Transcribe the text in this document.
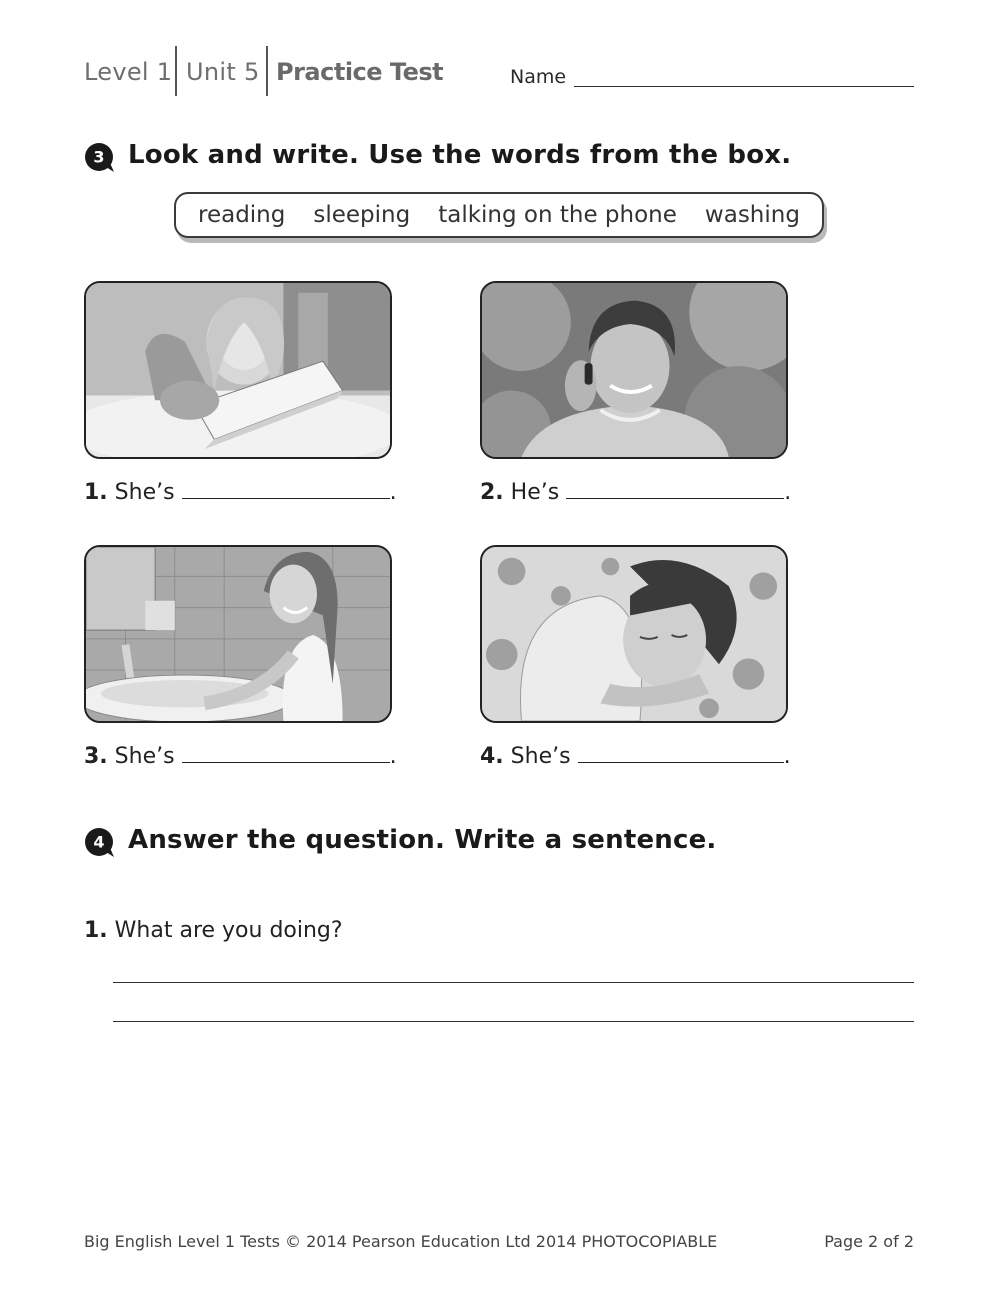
Level 1 Unit 5 Practice Test	Name
3 Look and write. Use the words from the box.
reading sleeping talking on the phone washing
1. She’s	.	2. He’s	.
3. She’s	.	4. She’s	.
4 Answer the question. Write a sentence.
1. What are you doing?
Big English Level 1 Tests © 2014 Pearson Education Ltd 2014 PHOTOCOPIABLE	Page 2 of 2
